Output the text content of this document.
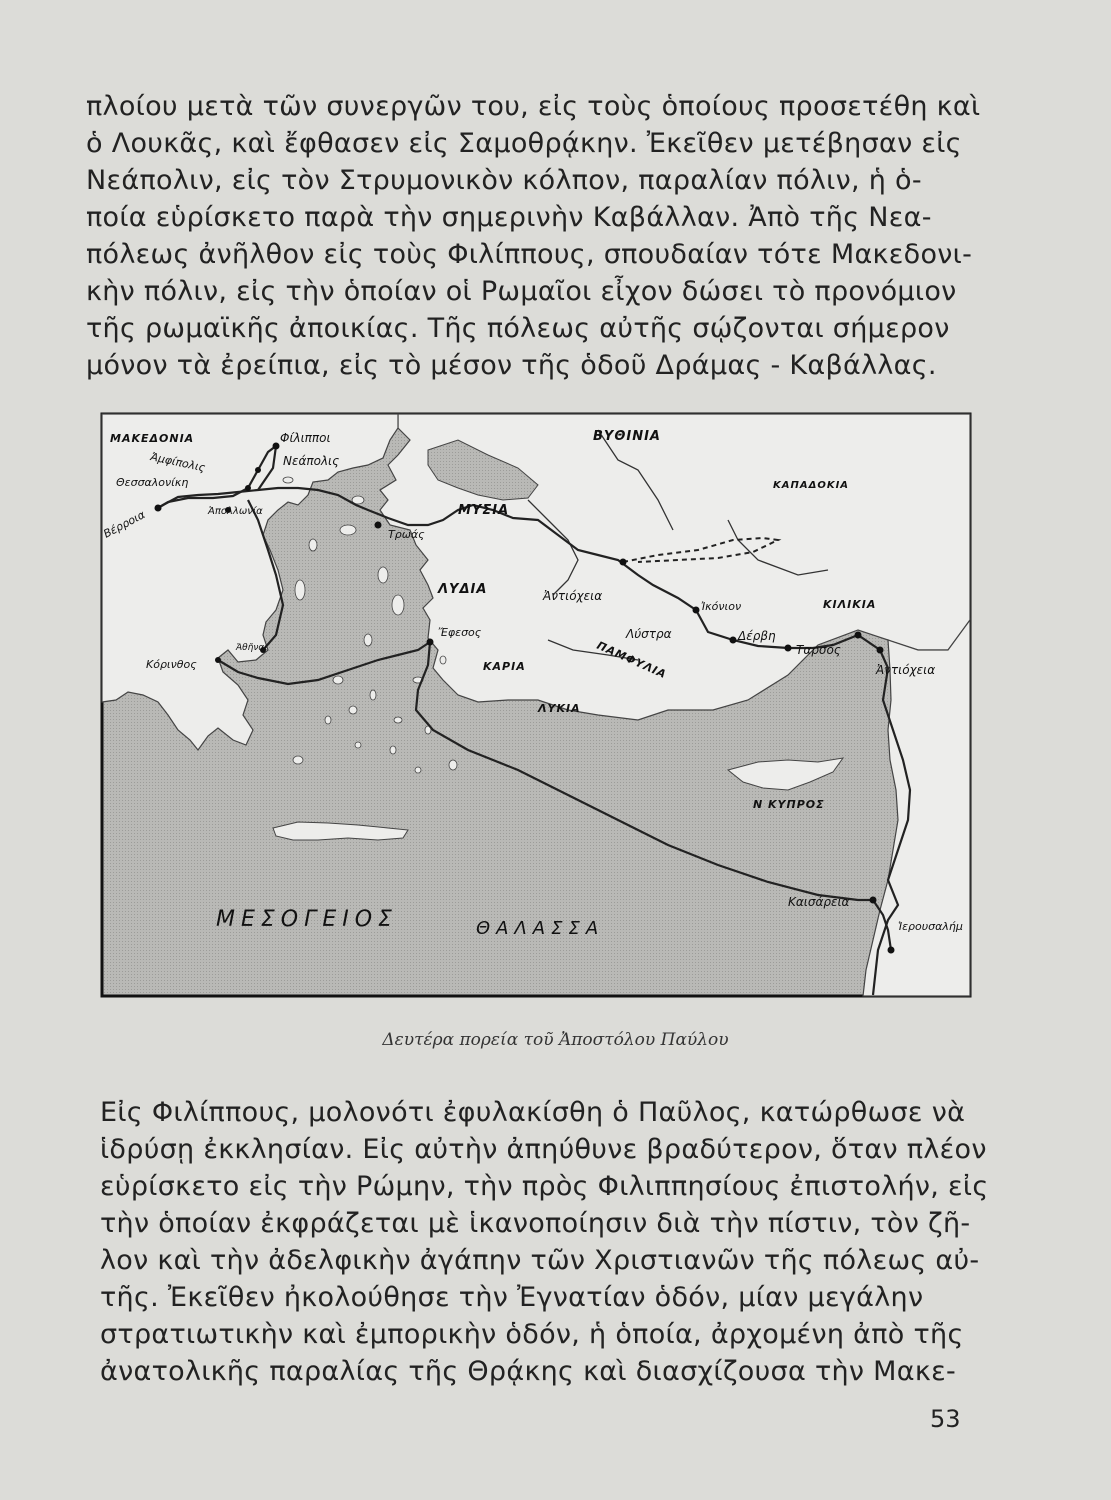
πλοίου μετὰ τῶν συνεργῶν του, εἰς τοὺς ὁποίους προσετέθη καὶ
ὁ Λουκᾶς, καὶ ἔφθασεν εἰς Σαμοθρᾴκην. Ἐκεῖθεν μετέβησαν εἰς
Νεάπολιν, εἰς τὸν Στρυμονικὸν κόλπον, παραλίαν πόλιν, ἡ ὁ-
ποία εὑρίσκετο παρὰ τὴν σημερινὴν Καβάλλαν. Ἀπὸ τῆς Νεα-
πόλεως ἀνῆλθον εἰς τοὺς Φιλίππους, σπουδαίαν τότε Μακεδονι-
κὴν πόλιν, εἰς τὴν ὁποίαν οἱ Ρωμαῖοι εἶχον δώσει τὸ προνόμιον
τῆς ρωμαϊκῆς ἀποικίας. Τῆς πόλεως αὐτῆς σῴζονται σήμερον
μόνον τὰ ἐρείπια, εἰς τὸ μέσον τῆς ὁδοῦ Δράμας - Καβάλλας.
ΜΑΚΕΔΟΝΙΑ	ΒΥΘΙΝΙΑ
ΚΑΠΑΔΟΚΙΑ
ΜΥΣΙΑ
ΛΥΔΙΑ
ΚΙΛΙΚΙΑ
ΚΑΡΙΑ	ΠΑΜΦΥΛΙΑ
ΛΥΚΙΑ
Ν ΚΥΠΡΟΣ
ΜΕΣΟΓΕΙΟΣ	ΘΑΛΑΣΣΑ
Φίλιπποι
Νεάπολις
Ἀμφίπολις
Θεσσαλονίκη
Ἀπολλωνία
Βέρροια	Τρωάς
Ἀντιόχεια
Ἰκόνιον
Λύστρα	Δέρβη
Ταρσός
Ἀντιόχεια
Ἔφεσος
Ἀθῆναι
Κόρινθος
Καισάρεια
Ἱερουσαλήμ
Δευτέρα πορεία τοῦ Ἀποστόλου Παύλου
Εἰς Φιλίππους, μολονότι ἐφυλακίσθη ὁ Παῦλος, κατώρθωσε νὰ
ἱδρύσῃ ἐκκλησίαν. Εἰς αὐτὴν ἀπηύθυνε βραδύτερον, ὅταν πλέον
εὑρίσκετο εἰς τὴν Ρώμην, τὴν πρὸς Φιλιππησίους ἐπιστολήν, εἰς
τὴν ὁποίαν ἐκφράζεται μὲ ἱκανοποίησιν διὰ τὴν πίστιν, τὸν ζῆ-
λον καὶ τὴν ἀδελφικὴν ἀγάπην τῶν Χριστιανῶν τῆς πόλεως αὐ-
τῆς. Ἐκεῖθεν ἠκολούθησε τὴν Ἐγνατίαν ὁδόν, μίαν μεγάλην
στρατιωτικὴν καὶ ἐμπορικὴν ὁδόν, ἡ ὁποία, ἀρχομένη ἀπὸ τῆς
ἀνατολικῆς παραλίας τῆς Θρᾴκης καὶ διασχίζουσα τὴν Μακε-
53
